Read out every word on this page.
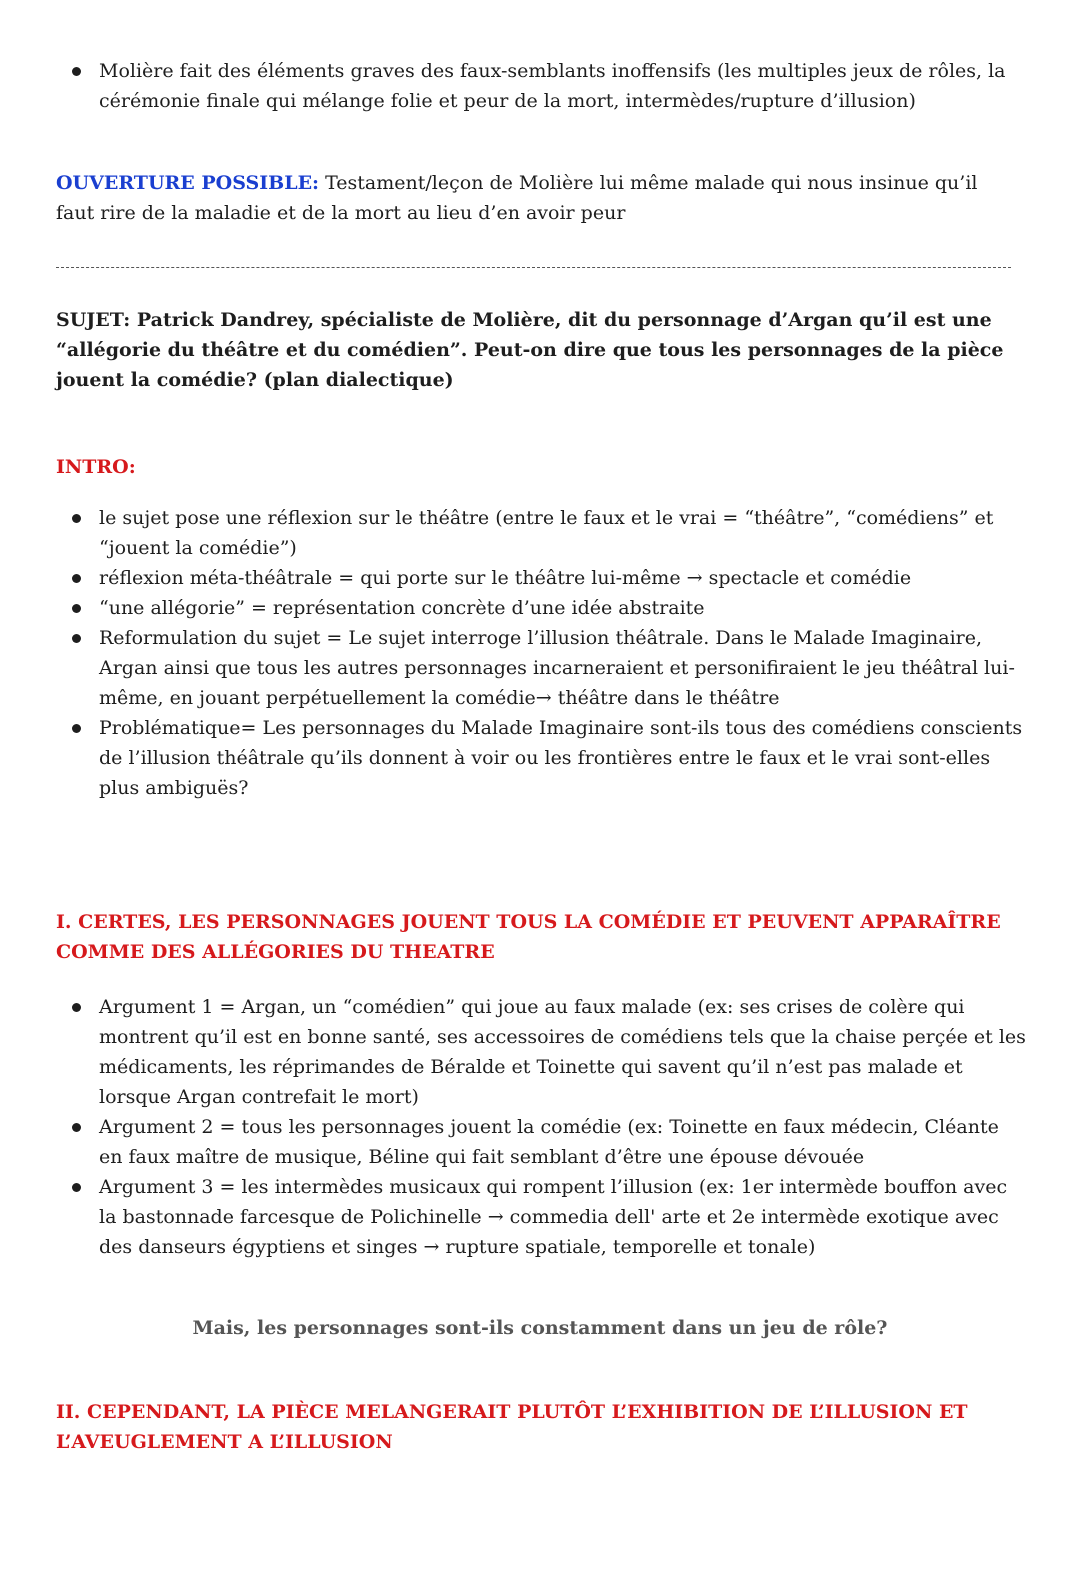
Molière fait des éléments graves des faux-semblants inoffensifs (les multiples jeux de rôles, la cérémonie finale qui mélange folie et peur de la mort, intermèdes/rupture d’illusion)

OUVERTURE POSSIBLE: Testament/leçon de Molière lui même malade qui nous insinue qu’il faut rire de la maladie et de la mort au lieu d’en avoir peur

SUJET: Patrick Dandrey, spécialiste de Molière, dit du personnage d’Argan qu’il est une “allégorie du théâtre et du comédien”. Peut-on dire que tous les personnages de la pièce jouent la comédie? (plan dialectique)

INTRO:

le sujet pose une réflexion sur le théâtre (entre le faux et le vrai = “théâtre”, “comédiens” et “jouent la comédie”)
réflexion méta-théâtrale = qui porte sur le théâtre lui-même → spectacle et comédie
“une allégorie” = représentation concrète d’une idée abstraite
Reformulation du sujet = Le sujet interroge l’illusion théâtrale. Dans le Malade Imaginaire, Argan ainsi que tous les autres personnages incarneraient et personifiraient le jeu théâtral lui-même, en jouant perpétuellement la comédie→ théâtre dans le théâtre
Problématique= Les personnages du Malade Imaginaire sont-ils tous des comédiens conscients de l’illusion théâtrale qu’ils donnent à voir ou les frontières entre le faux et le vrai sont-elles plus ambiguës?

I. CERTES, LES PERSONNAGES JOUENT TOUS LA COMÉDIE ET PEUVENT APPARAÎTRE COMME DES ALLÉGORIES DU THEATRE

Argument 1 = Argan, un “comédien” qui joue au faux malade (ex: ses crises de colère qui montrent qu’il est en bonne santé, ses accessoires de comédiens tels que la chaise perçée et les médicaments, les réprimandes de Béralde et Toinette qui savent qu’il n’est pas malade et lorsque Argan contrefait le mort)
Argument 2 = tous les personnages jouent la comédie (ex: Toinette en faux médecin, Cléante en faux maître de musique, Béline qui fait semblant d’être une épouse dévouée
Argument 3 = les intermèdes musicaux qui rompent l’illusion (ex: 1er intermède bouffon avec la bastonnade farcesque de Polichinelle → commedia dell' arte et 2e intermède exotique avec des danseurs égyptiens et singes → rupture spatiale, temporelle et tonale)

Mais, les personnages sont-ils constamment dans un jeu de rôle?

II. CEPENDANT, LA PIÈCE MELANGERAIT PLUTÔT L’EXHIBITION DE L’ILLUSION ET L’AVEUGLEMENT A L’ILLUSION
